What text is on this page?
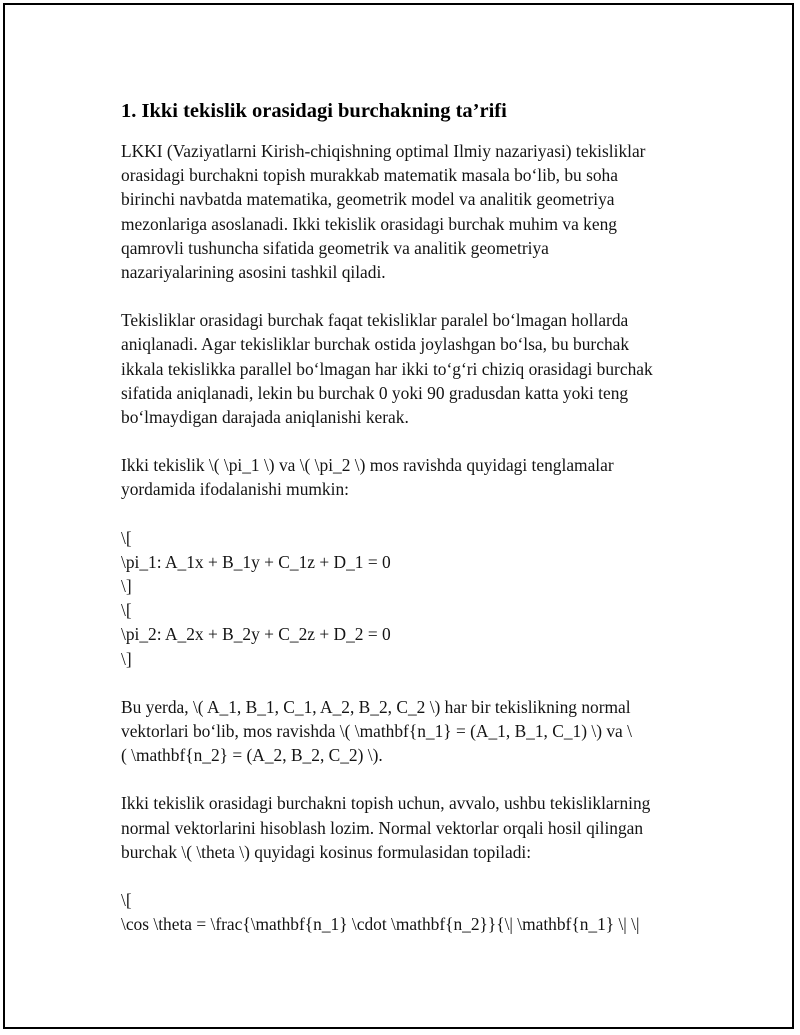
1. Ikki tekislik orasidagi burchakning ta’rifi

LKKI (Vaziyatlarni Kirish-chiqishning optimal Ilmiy nazariyasi) tekisliklar
orasidagi burchakni topish murakkab matematik masala bo‘lib, bu soha
birinchi navbatda matematika, geometrik model va analitik geometriya
mezonlariga asoslanadi. Ikki tekislik orasidagi burchak muhim va keng
qamrovli tushuncha sifatida geometrik va analitik geometriya
nazariyalarining asosini tashkil qiladi.

Tekisliklar orasidagi burchak faqat tekisliklar paralel bo‘lmagan hollarda
aniqlanadi. Agar tekisliklar burchak ostida joylashgan bo‘lsa, bu burchak
ikkala tekislikka parallel bo‘lmagan har ikki to‘g‘ri chiziq orasidagi burchak
sifatida aniqlanadi, lekin bu burchak 0 yoki 90 gradusdan katta yoki teng
bo‘lmaydigan darajada aniqlanishi kerak.

Ikki tekislik \( \pi_1 \) va \( \pi_2 \) mos ravishda quyidagi tenglamalar
yordamida ifodalanishi mumkin:

\[
\pi_1: A_1x + B_1y + C_1z + D_1 = 0
\]
\[
\pi_2: A_2x + B_2y + C_2z + D_2 = 0
\]

Bu yerda, \( A_1, B_1, C_1, A_2, B_2, C_2 \) har bir tekislikning normal
vektorlari bo‘lib, mos ravishda \( \mathbf{n_1} = (A_1, B_1, C_1) \) va \
( \mathbf{n_2} = (A_2, B_2, C_2) \).

Ikki tekislik orasidagi burchakni topish uchun, avvalo, ushbu tekisliklarning
normal vektorlarini hisoblash lozim. Normal vektorlar orqali hosil qilingan
burchak \( \theta \) quyidagi kosinus formulasidan topiladi:

\[
\cos \theta = \frac{\mathbf{n_1} \cdot \mathbf{n_2}}{\| \mathbf{n_1} \| \|
